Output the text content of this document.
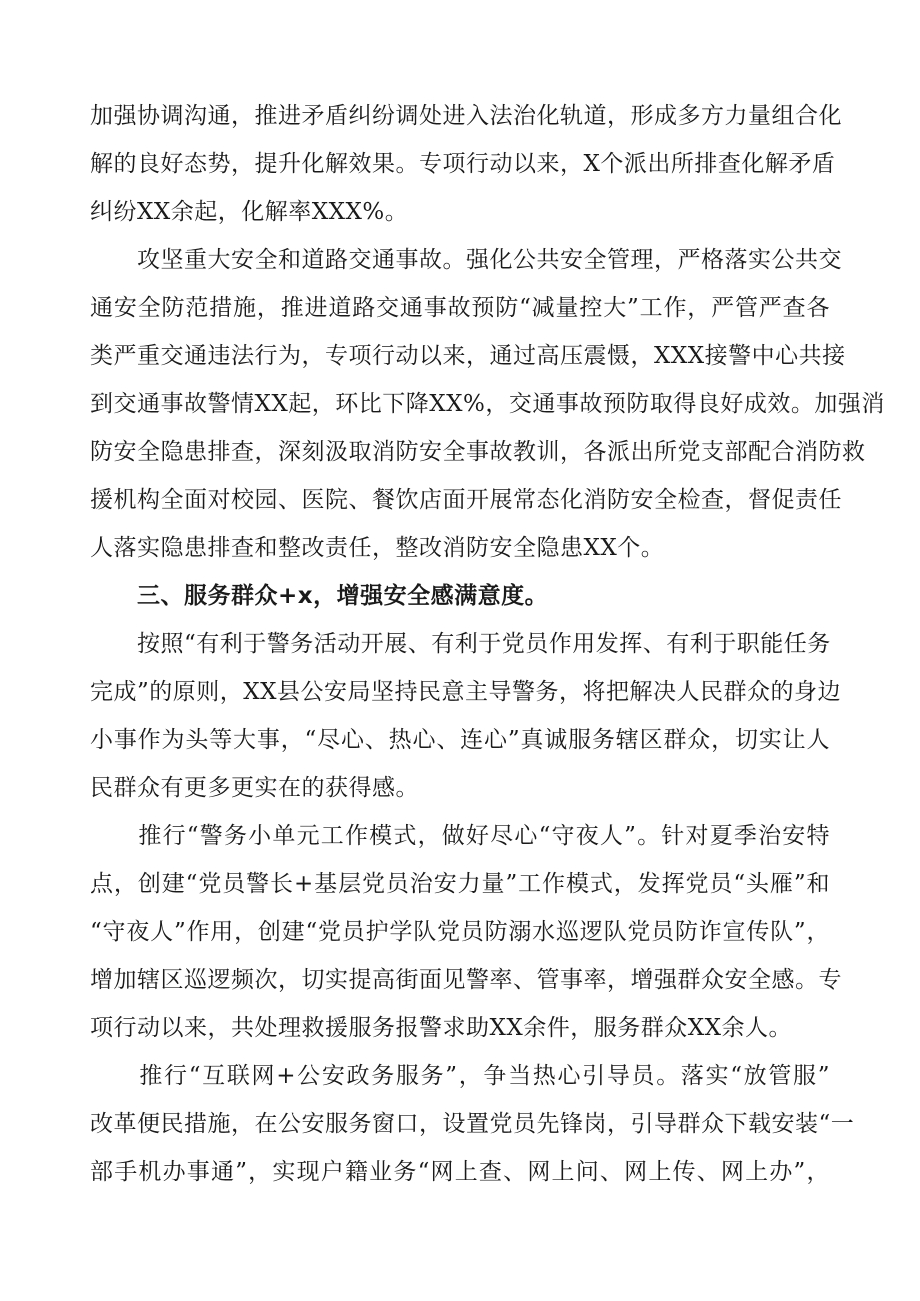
加强协调沟通，推进矛盾纠纷调处进入法治化轨道，形成多方力量组合化
解的良好态势，提升化解效果。专项行动以来，X个派出所排查化解矛盾
纠纷XX余起，化解率XXX%。
　　攻坚重大安全和道路交通事故。强化公共安全管理，严格落实公共交
通安全防范措施，推进道路交通事故预防“减量控大”工作，严管严查各
类严重交通违法行为，专项行动以来，通过高压震慑，XXX接警中心共接
到交通事故警情XX起，环比下降XX%，交通事故预防取得良好成效。加强消
防安全隐患排查，深刻汲取消防安全事故教训，各派出所党支部配合消防救
援机构全面对校园、医院、餐饮店面开展常态化消防安全检查，督促责任
人落实隐患排查和整改责任，整改消防安全隐患XX个。
　　三、服务群众+x，增强安全感满意度。
　　按照“有利于警务活动开展、有利于党员作用发挥、有利于职能任务
完成”的原则，XX县公安局坚持民意主导警务，将把解决人民群众的身边
小事作为头等大事，“尽心、热心、连心”真诚服务辖区群众，切实让人
民群众有更多更实在的获得感。
　　推行“警务小单元工作模式，做好尽心“守夜人”。针对夏季治安特
点，创建“党员警长+基层党员治安力量”工作模式，发挥党员“头雁”和
“守夜人”作用，创建“党员护学队党员防溺水巡逻队党员防诈宣传队”，
增加辖区巡逻频次，切实提高街面见警率、管事率，增强群众安全感。专
项行动以来，共处理救援服务报警求助XX余件，服务群众XX余人。
　　推行“互联网+公安政务服务”，争当热心引导员。落实“放管服”
改革便民措施，在公安服务窗口，设置党员先锋岗，引导群众下载安装“一
部手机办事通”，实现户籍业务“网上查、网上问、网上传、网上办”，
